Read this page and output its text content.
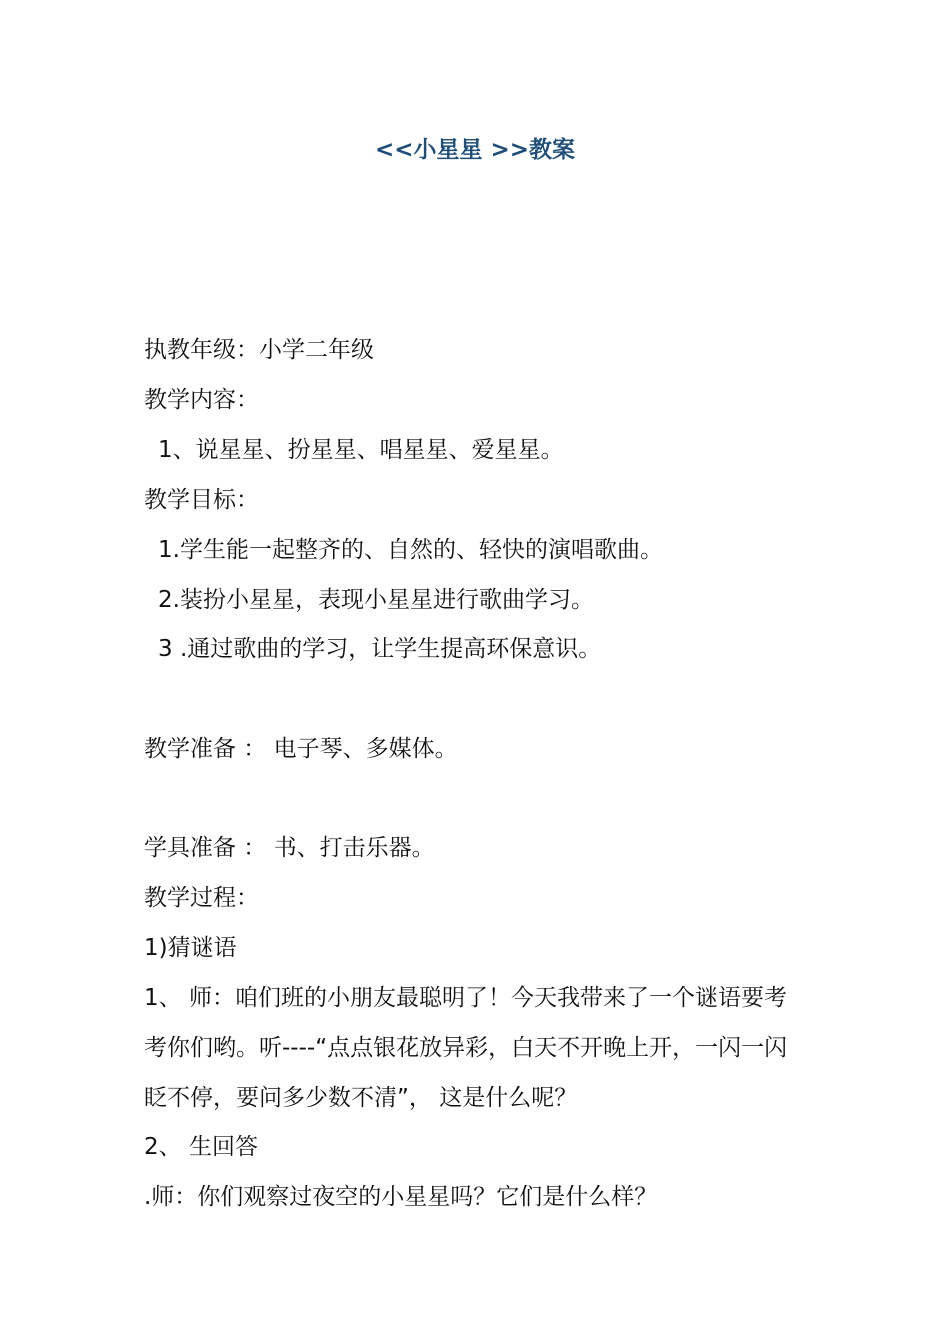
<<小星星 >>教案
执教年级：小学二年级
教学内容：
1、说星星、扮星星、唱星星、爱星星。
教学目标：
1.学生能一起整齐的、自然的、轻快的演唱歌曲。
2.装扮小星星，表现小星星进行歌曲学习。
3 .通过歌曲的学习，让学生提高环保意识。
教学准备 ： 电子琴、多媒体。
学具准备 ： 书、打击乐器。
教学过程：
1)猜谜语
1、 师：咱们班的小朋友最聪明了！今天我带来了一个谜语要考
考你们哟。听----“点点银花放异彩，白天不开晚上开，一闪一闪
眨不停，要问多少数不清”， 这是什么呢？
2、 生回答
.师：你们观察过夜空的小星星吗？它们是什么样？
